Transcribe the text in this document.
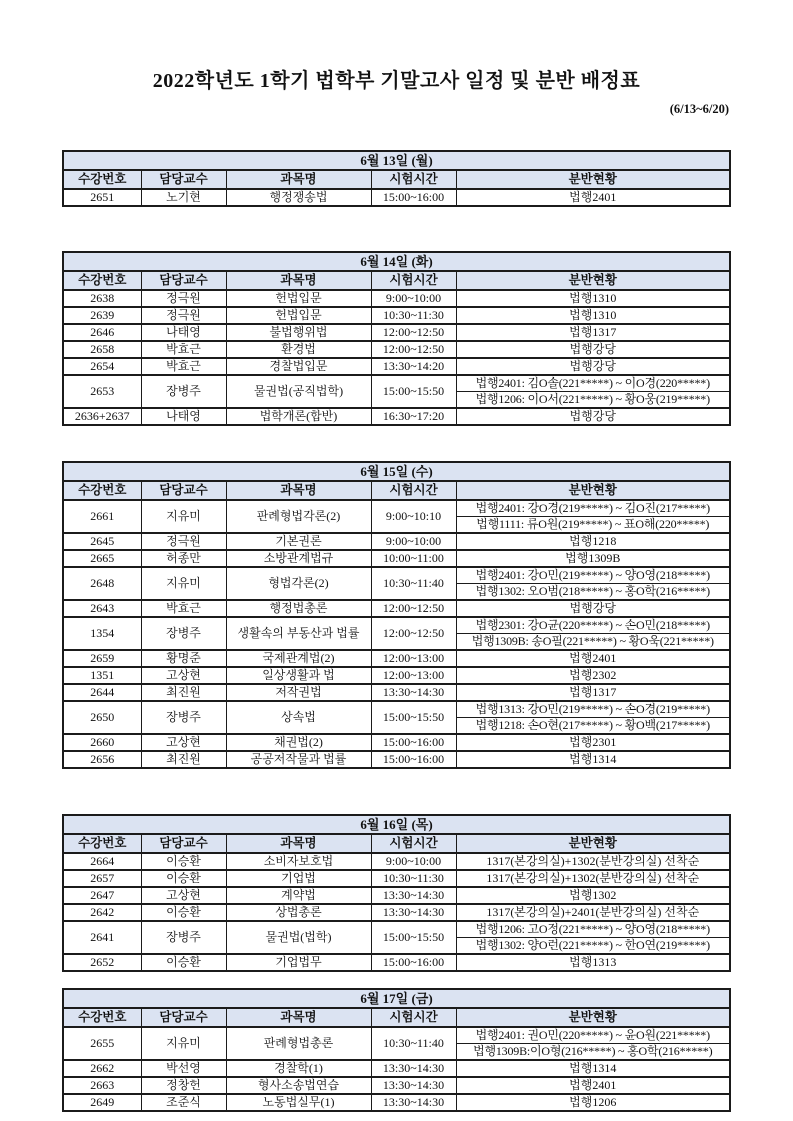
2022학년도 1학기 법학부 기말고사 일정 및 분반 배정표
(6/13~6/20)
6월 13일 (월)				
수강번호	담당교수	과목명	시험시간	분반현황
2651	노기현	행정쟁송법	15:00~16:00	법행2401
6월 14일 (화)				
수강번호	담당교수	과목명	시험시간	분반현황
2638	정극원	헌법입문	9:00~10:00	법행1310
2639	정극원	헌법입문	10:30~11:30	법행1310
2646	나태영	불법행위법	12:00~12:50	법행1317
2658	박효근	환경법	12:00~12:50	법행강당
2654	박효근	경찰법입문	13:30~14:20	법행강당
2653	장병주	물권법(공직법학)	15:00~15:50	법행2401: 김O솔(221*****) ~ 이O경(220*****)
				법행1206: 이O서(221*****) ~ 황O웅(219*****)
2636+2637	나태영	법학개론(합반)	16:30~17:20	법행강당
6월 15일 (수)				
수강번호	담당교수	과목명	시험시간	분반현황
2661	지유미	판례형법각론(2)	9:00~10:10	법행2401: 강O경(219*****) ~ 김O진(217*****)
				법행1111: 류O원(219*****) ~ 표O해(220*****)
2645	정극원	기본권론	9:00~10:00	법행1218
2665	허종만	소방관계법규	10:00~11:00	법행1309B
2648	지유미	형법각론(2)	10:30~11:40	법행2401: 강O민(219*****) ~ 양O영(218*****)
				법행1302: 오O범(218*****) ~ 홍O학(216*****)
2643	박효근	행정법총론	12:00~12:50	법행강당
1354	장병주	생활속의 부동산과 법률	12:00~12:50	법행2301: 강O균(220*****) ~ 손O민(218*****)
				법행1309B: 송O필(221*****) ~ 황O욱(221*****)
2659	황명준	국제관계법(2)	12:00~13:00	법행2401
1351	고상현	일상생활과 법	12:00~13:00	법행2302
2644	최진원	저작권법	13:30~14:30	법행1317
2650	장병주	상속법	15:00~15:50	법행1313: 강O민(219*****) ~ 손O경(219*****)
				법행1218: 손O현(217*****) ~ 황O백(217*****)
2660	고상현	채권법(2)	15:00~16:00	법행2301
2656	최진원	공공저작물과 법률	15:00~16:00	법행1314
6월 16일 (목)				
수강번호	담당교수	과목명	시험시간	분반현황
2664	이승환	소비자보호법	9:00~10:00	1317(본강의실)+1302(분반강의실) 선착순
2657	이승환	기업법	10:30~11:30	1317(본강의실)+1302(분반강의실) 선착순
2647	고상현	계약법	13:30~14:30	법행1302
2642	이승환	상법총론	13:30~14:30	1317(본강의실)+2401(분반강의실) 선착순
2641	장병주	물권법(법학)	15:00~15:50	법행1206: 고O정(221*****) ~ 양O영(218*****)
				법행1302: 양O런(221*****) ~ 한O연(219*****)
2652	이승환	기업법무	15:00~16:00	법행1313
6월 17일 (금)				
수강번호	담당교수	과목명	시험시간	분반현황
2655	지유미	판례형법총론	10:30~11:40	법행2401: 권O민(220*****) ~ 윤O원(221*****)
				법행1309B:이O형(216*****) ~ 홍O학(216*****)
2662	박선영	경찰학(1)	13:30~14:30	법행1314
2663	정창헌	형사소송법연습	13:30~14:30	법행2401
2649	조준식	노동법실무(1)	13:30~14:30	법행1206
